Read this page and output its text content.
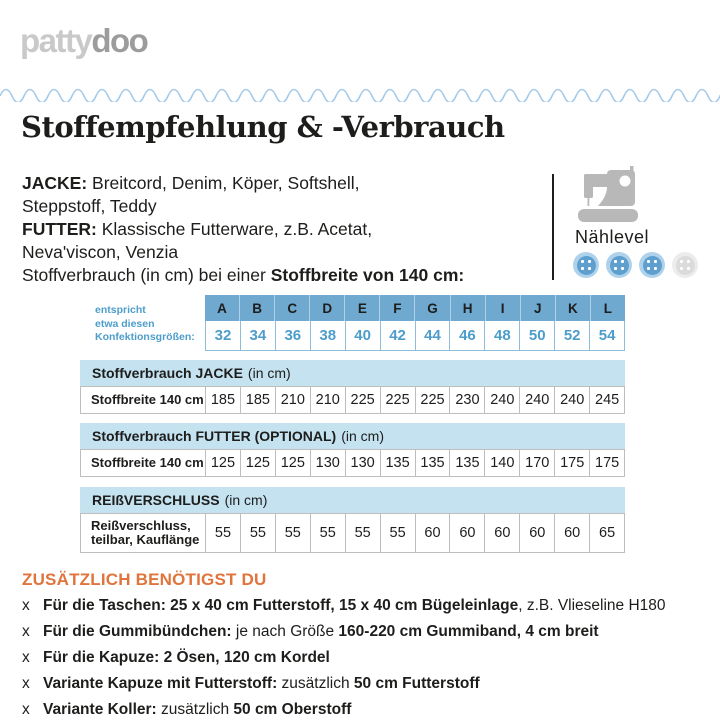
pattydoo
Stoffempfehlung & -Verbrauch
JACKE: Breitcord, Denim, Köper, Softshell,
Steppstoff, Teddy
FUTTER: Klassische Futterware, z.B. Acetat,
Neva'viscon, Venzia
Stoffverbrauch (in cm) bei einer Stoffbreite von 140 cm:
Nählevel
entspricht
etwa diesen
Konfektionsgrößen:
A	B	C	D	E	F	G	H	I	J	K	L
32	34	36	38	40	42	44	46	48	50	52	54
Stoffverbrauch JACKE (in cm)
Stoffbreite 140 cm 185 185 210 210 225 225 225 230 240 240 240 245
Stoffverbrauch FUTTER (OPTIONAL) (in cm)
Stoffbreite 140 cm 125 125 125 130 130 135 135 135 140 170 175 175
REIßVERSCHLUSS (in cm)
Reißverschluss,
teilbar, Kauflänge	55	55	55	55	55	55	60	60	60	60	60	65
ZUSÄTZLICH BENÖTIGST DU
x Für die Taschen: 25 x 40 cm Futterstoff, 15 x 40 cm Bügeleinlage, z.B. Vlieseline H180
x Für die Gummibündchen: je nach Größe 160-220 cm Gummiband, 4 cm breit
x Für die Kapuze: 2 Ösen, 120 cm Kordel
x Variante Kapuze mit Futterstoff: zusätzlich 50 cm Futterstoff
x Variante Koller: zusätzlich 50 cm Oberstoff
